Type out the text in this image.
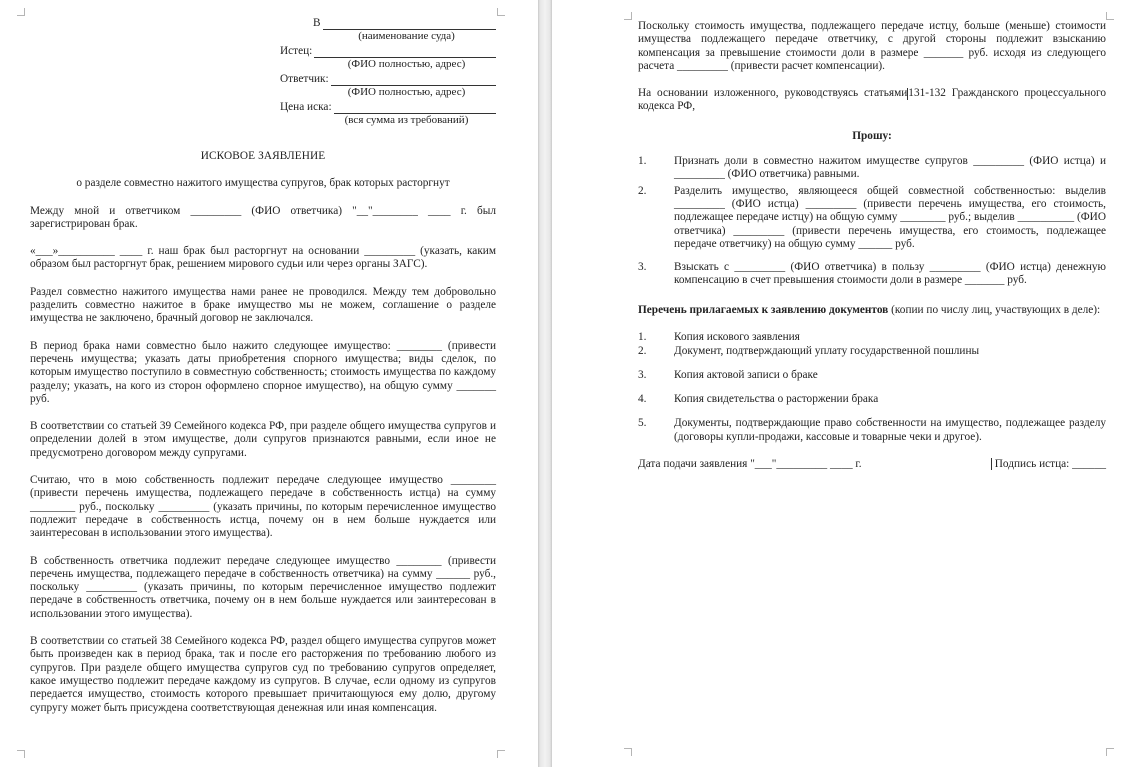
В
(наименование суда)
Истец:
(ФИО полностью, адрес)
Ответчик:
(ФИО полностью, адрес)
Цена иска:
(вся сумма из требований)
ИСКОВОЕ ЗАЯВЛЕНИЕ
о разделе совместно нажитого имущества супругов, брак которых расторгнут

Между мной и ответчиком _________ (ФИО ответчика) "__"________ ____ г. был зарегистрирован брак.

«___»__________ ____ г. наш брак был расторгнут на основании _________ (указать, каким образом был расторгнут брак, решением мирового судьи или через органы ЗАГС).

Раздел совместно нажитого имущества нами ранее не проводился. Между тем добровольно разделить совместно нажитое в браке имущество мы не можем, соглашение о разделе имущества не заключено, брачный договор не заключался.

В период брака нами совместно было нажито следующее имущество: ________ (привести перечень имущества; указать даты приобретения спорного имущества; виды сделок, по которым имущество поступило в совместную собственность; стоимость имущества по каждому разделу; указать, на кого из сторон оформлено спорное имущество), на общую сумму _______ руб.

В соответствии со статьей 39 Семейного кодекса РФ, при разделе общего имущества супругов и определении долей в этом имуществе, доли супругов признаются равными, если иное не предусмотрено договором между супругами.

Считаю, что в мою собственность подлежит передаче следующее имущество ________ (привести перечень имущества, подлежащего передаче в собственность истца) на сумму ________ руб., поскольку _________ (указать причины, по которым перечисленное имущество подлежит передаче в собственность истца, почему он в нем больше нуждается или заинтересован в использовании этого имущества).

В собственность ответчика подлежит передаче следующее имущество ________ (привести перечень имущества, подлежащего передаче в собственность ответчика) на сумму ______ руб., поскольку _________ (указать причины, по которым перечисленное имущество подлежит передаче в собственность ответчика, почему он в нем больше нуждается или заинтересован в использовании этого имущества).

В соответствии со статьей 38 Семейного кодекса РФ, раздел общего имущества супругов может быть произведен как в период брака, так и после его расторжения по требованию любого из супругов. При разделе общего имущества супругов суд по требованию супругов определяет, какое имущество подлежит передаче каждому из супругов. В случае, если одному из супругов передается имущество, стоимость которого превышает причитающуюся ему долю, другому супругу может быть присуждена соответствующая денежная или иная компенсация.

Поскольку стоимость имущества, подлежащего передаче истцу, больше (меньше) стоимости имущества подлежащего передаче ответчику, с другой стороны подлежит взысканию компенсация за превышение стоимости доли в размере _______ руб. исходя из следующего расчета _________ (привести расчет компенсации).

На основании изложенного, руководствуясь статьями131-132 Гражданского процессуального кодекса РФ,

Прошу:
1.	Признать доли в совместно нажитом имуществе супругов _________ (ФИО истца) и _________ (ФИО ответчика) равными.
2.	Разделить имущество, являющееся общей совместной собственностью: выделив _________ (ФИО истца) _________ (привести перечень имущества, его стоимость, подлежащее передаче истцу) на общую сумму ________ руб.; выделив __________ (ФИО ответчика) _________ (привести перечень имущества, его стоимость, подлежащее передаче ответчику) на общую сумму ______ руб.
3.	Взыскать с _________ (ФИО ответчика) в пользу _________ (ФИО истца) денежную компенсацию в счет превышения стоимости доли в размере _______ руб.

Перечень прилагаемых к заявлению документов (копии по числу лиц, участвующих в деле):

1.	Копия искового заявления
2.	Документ, подтверждающий уплату государственной пошлины
3.	Копия актовой записи о браке
4.	Копия свидетельства о расторжении брака
5.	Документы, подтверждающие право собственности на имущество, подлежащее разделу (договоры купли-продажи, кассовые и товарные чеки и другое).
Дата подачи заявления "___"_________ ____ г.	Подпись истца: ______
